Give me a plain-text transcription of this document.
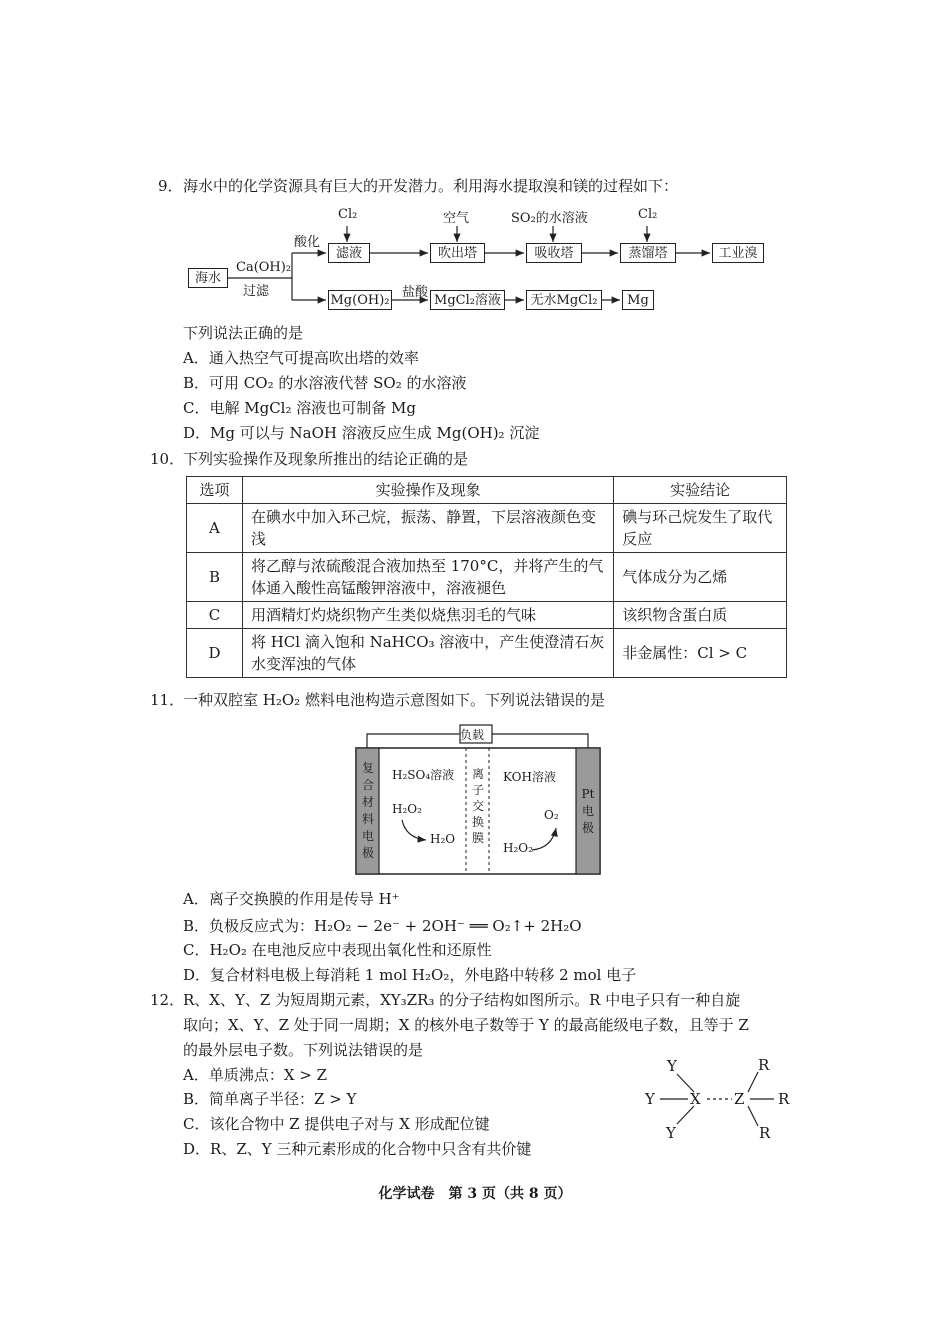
9． 海水中的化学资源具有巨大的开发潜力。利用海水提取溴和镁的过程如下：
海水
Ca(OH)₂
过滤
酸化
滤液	吹出塔	吸收塔	蒸馏塔	工业溴
Cl₂	空气	SO₂的水溶液	Cl₂
Mg(OH)₂
盐酸
MgCl₂溶液	无水MgCl₂	Mg
下列说法正确的是
A．通入热空气可提高吹出塔的效率
B．可用 CO₂ 的水溶液代替 SO₂ 的水溶液
C．电解 MgCl₂ 溶液也可制备 Mg
D．Mg 可以与 NaOH 溶液反应生成 Mg(OH)₂ 沉淀
10．
下列实验操作及现象所推出的结论正确的是
选项	实验操作及现象	实验结论
A	在碘水中加入环己烷，振荡、静置，下层溶液颜色变浅	碘与环己烷发生了取代反应
B	将乙醇与浓硫酸混合液加热至 170°C，并将产生的气体通入酸性高锰酸钾溶液中，溶液褪色	气体成分为乙烯
C	用酒精灯灼烧织物产生类似烧焦羽毛的气味	该织物含蛋白质
D	将 HCl 滴入饱和 NaHCO₃ 溶液中，产生使澄清石灰水变浑浊的气体	非金属性：Cl > C
11．
一种双腔室 H₂O₂ 燃料电池构造示意图如下。下列说法错误的是
负载
复
合
材
料
电
极
Pt
电
极
离
子
交
换
膜
H₂SO₄溶液	KOH溶液
H₂O₂
H₂O
H₂O₂
O₂
A．离子交换膜的作用是传导 H⁺
B．负极反应式为：H₂O₂ − 2e⁻ + 2OH⁻ ══ O₂↑+ 2H₂O
C．H₂O₂ 在电池反应中表现出氧化性和还原性
D．复合材料电极上每消耗 1 mol H₂O₂，外电路中转移 2 mol 电子
12．
R、X、Y、Z 为短周期元素，XY₃ZR₃ 的分子结构如图所示。R 中电子只有一种自旋
取向；X、Y、Z 处于同一周期；X 的核外电子数等于 Y 的最高能级电子数，且等于 Z
的最外层电子数。下列说法错误的是
A．单质沸点：X > Z
B．简单离子半径：Z > Y
C．该化合物中 Z 提供电子对与 X 形成配位键
D．R、Z、Y 三种元素形成的化合物中只含有共价键
Y
Y
Y
X Z
R
R
R
化学试卷　第 3 页（共 8 页）
